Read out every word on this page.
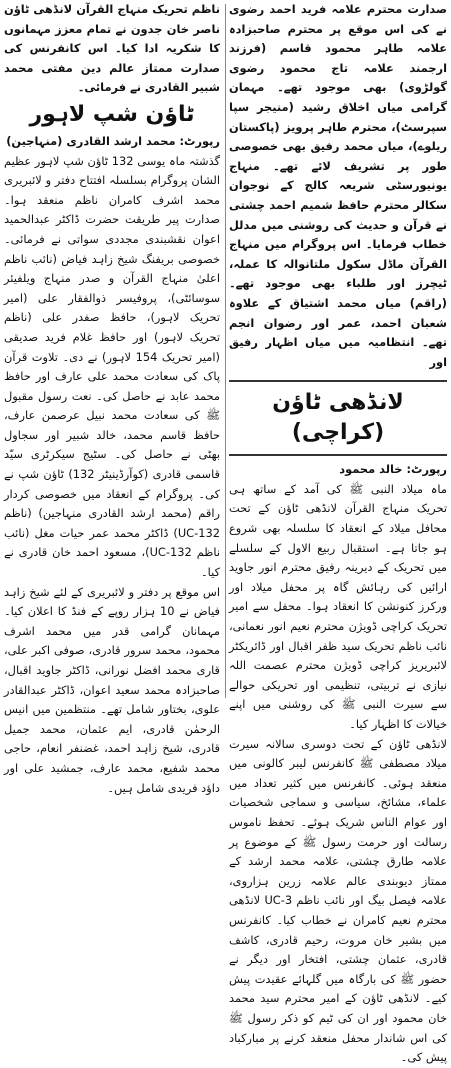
صدارت محترم علامہ فرید احمد رضوی نے کی اس موقع پر محترم صاحبزادہ علامہ طاہر محمود قاسم (فرزند ارجمند علامہ تاج محمود رضوی گولڑوی) بھی موجود تھے۔ مہمان گرامی میاں اخلاق رشید (منیجر سپا سپرسٹ)، محترم طاہر پرویز (پاکستان ریلوے)، میاں محمد رفیق بھی خصوصی طور پر تشریف لائے تھے۔ منہاج یونیورسٹی شریعہ کالج کے نوجوان سکالر محترم حافظ شمیم احمد چشتی نے قرآن و حدیث کی روشنی میں مدلل خطاب فرمایا۔ اس پروگرام میں منہاج القرآن ماڈل سکول ملتانوالہ کا عملہ، ٹیچرز اور طلباء بھی موجود تھے۔ (راقم) میاں محمد اشتیاق کے علاوہ شعبان احمد، عمر اور رضوان انجم تھے۔ انتظامیہ میں میاں اظہار رفیق اور

لانڈھی ٹاؤن (کراچی)

رپورٹ: خالد محمود

ماہ میلاد النبی ﷺ کی آمد کے ساتھ ہی تحریک منہاج القرآن لانڈھی ٹاؤن کے تحت محافل میلاد کے انعقاد کا سلسلہ بھی شروع ہو جاتا ہے۔ استقبال ربیع الاول کے سلسلے میں تحریک کے دیرینہ رفیق محترم انور جاوید ارائیں کی رہائش گاہ پر محفل میلاد اور ورکرز کنونشن کا انعقاد ہوا۔ محفل سے امیر تحریک کراچی ڈویژن محترم نعیم انور نعمانی، نائب ناظم تحریک سید ظفر اقبال اور ڈائریکٹر لائبریریز کراچی ڈویژن محترم عصمت اللہ نیازی نے تربیتی، تنظیمی اور تحریکی حوالے سے سیرت النبی ﷺ کی روشنی میں اپنے خیالات کا اظہار کیا۔

لانڈھی ٹاؤن کے تحت دوسری سالانہ سیرت میلاد مصطفی ﷺ کانفرنس لیبر کالونی میں منعقد ہوئی۔ کانفرنس میں کثیر تعداد میں علماء، مشائخ، سیاسی و سماجی شخصیات اور عوام الناس شریک ہوئے۔ تحفظ ناموس رسالت اور حرمت رسول ﷺ کے موضوع پر علامہ طارق چشتی، علامہ محمد ارشد کے ممتاز دیوبندی عالم علامہ زرین ہزاروی، علامہ فیصل بیگ اور نائب ناظم UC-3 لانڈھی محترم نعیم کامران نے خطاب کیا۔ کانفرنس میں بشیر خان مروت، رحیم قادری، کاشف قادری، عثمان چشتی، افتخار اور دیگر نے حضور ﷺ کی بارگاہ میں گلہائے عقیدت پیش کیے۔ لانڈھی ٹاؤن کے امیر محترم سید محمد خان محمود اور ان کی ٹیم کو ذکر رسول ﷺ کی اس شاندار محفل منعقد کرنے پر مبارکباد پیش کی۔

ناظم تحریک منہاج القرآن لانڈھی ٹاؤن ناصر خان جدون نے تمام معزز مہمانوں کا شکریہ ادا کیا۔ اس کانفرنس کی صدارت ممتاز عالم دین مفتی محمد شبیر القادری نے فرمائی۔

ٹاؤن شپ لاہور

رپورٹ: محمد ارشد القادری (منہاجین)

گذشتہ ماہ یوسی 132 ٹاؤن شپ لاہور عظیم الشان پروگرام بسلسلہ افتتاح دفتر و لائبریری محمد اشرف کامران ناظم منعقد ہوا۔ صدارت پیر طریقت حضرت ڈاکٹر عبدالحمید اعوان نقشبندی مجددی سواتی نے فرمائی۔ خصوصی بریفنگ شیخ زاہد فیاض (نائب ناظم اعلیٰ منہاج القرآن و صدر منہاج ویلفیئر سوسائٹی)، پروفیسر ذوالفقار علی (امیر تحریک لاہور)، حافظ صفدر علی (ناظم تحریک لاہور) اور حافظ غلام فرید صدیقی (امیر تحریک 154 لاہور) نے دی۔ تلاوت قرآن پاک کی سعادت محمد علی عارف اور حافظ محمد عابد نے حاصل کی۔ نعت رسول مقبول ﷺ کی سعادت محمد نبیل عرصمن عارف، حافظ قاسم محمد، خالد شبیر اور سجاول بھٹی نے حاصل کی۔ سٹیج سیکرٹری سیّد قاسمی قادری (کوآرڈینیٹر 132) ٹاؤن شپ نے کی۔ پروگرام کے انعقاد میں خصوصی کردار راقم (محمد ارشد القادری منہاجین) (ناظم UC-132) ڈاکٹر محمد عمر حیات مغل (نائب ناظم UC-132)، مسعود احمد خان قادری نے کیا۔

اس موقع پر دفتر و لائبریری کے لئے شیخ زاہد فیاض نے 10 ہزار روپے کے فنڈ کا اعلان کیا۔ مہمانان گرامی قدر میں محمد اشرف محمود، محمد سرور قادری، صوفی اکبر علی، قاری محمد افضل نورانی، ڈاکٹر جاوید اقبال، صاحبزادہ محمد سعید اعوان، ڈاکٹر عبدالقادر علوی، بختاور شامل تھے۔ منتظمین میں انیس الرحمٰن قادری، ایم عثمان، محمد جمیل قادری، شیخ زاہد احمد، غضنفر انعام، حاجی محمد شفیع، محمد عارف، جمشید علی اور داؤد فریدی شامل ہیں۔
